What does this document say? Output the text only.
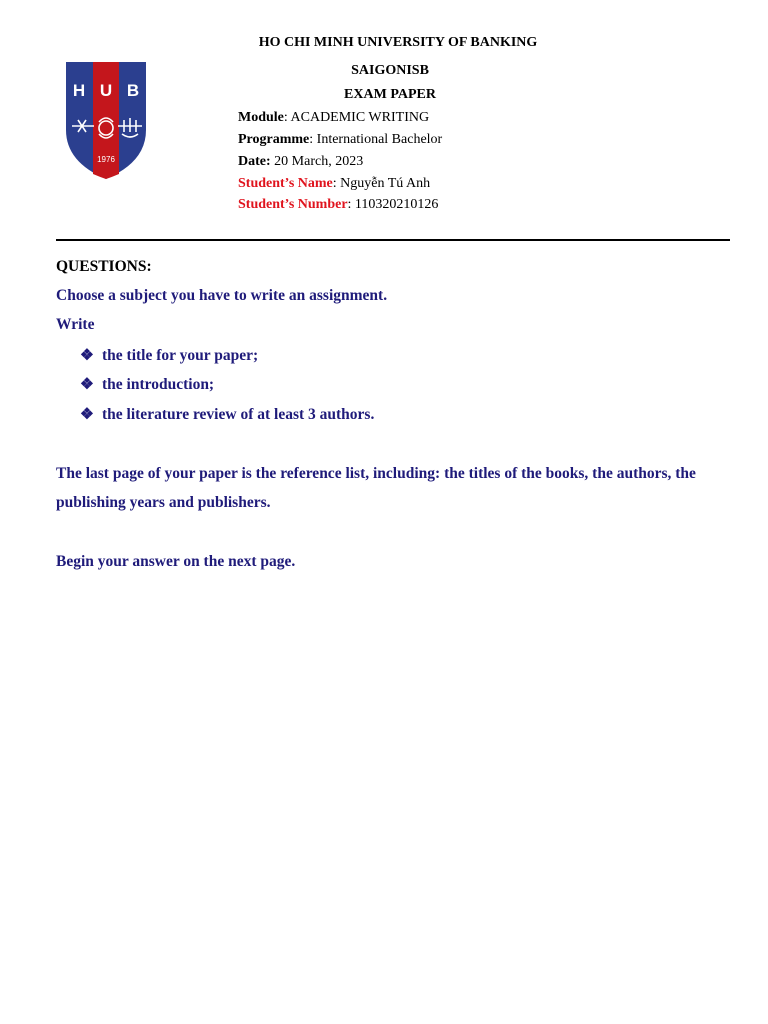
H U B
1976
HO CHI MINH UNIVERSITY OF BANKING
SAIGONISB
EXAM PAPER
Module: ACADEMIC WRITING
Programme: International Bachelor
Date: 20 March, 2023
Student’s Name: Nguyễn Tú Anh
Student’s Number: 110320210126
QUESTIONS:
Choose a subject you have to write an assignment.
Write
❖ the title for your paper;
❖ the introduction;
❖ the literature review of at least 3 authors.
The last page of your paper is the reference list, including: the titles of the books, the authors, the publishing years and publishers.
Begin your answer on the next page.
